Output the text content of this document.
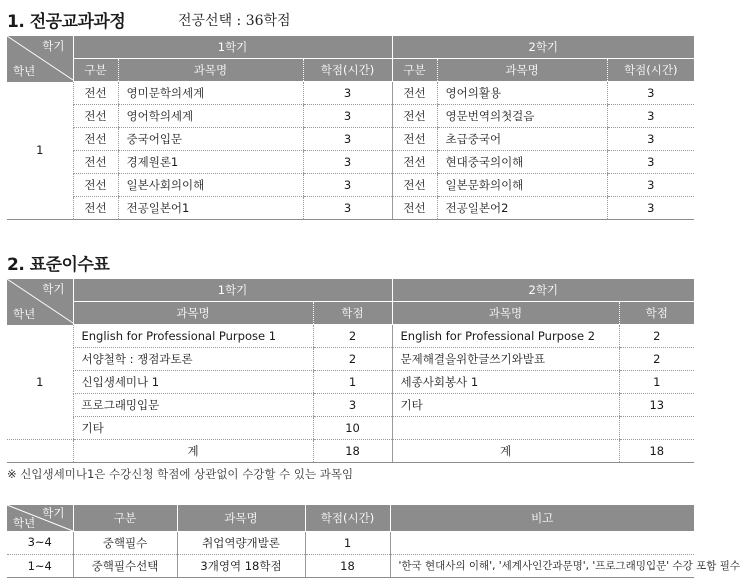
1. 전공교과과정	전공선택 : 36학점
학기
학년	1학기			2학기		
	구분	과목명	학점(시간)	구분	과목명	학점(시간)
1	전선	영미문학의세계	3	전선	영어의활용	3
	전선	영어학의세계	3	전선	영문번역의첫걸음	3
	전선	중국어입문	3	전선	초급중국어	3
	전선	경제원론1	3	전선	현대중국의이해	3
	전선	일본사회의이해	3	전선	일본문화의이해	3
	전선	전공일본어1	3	전선	전공일본어2	3
2. 표준이수표
학기
학년	1학기		2학기	
	과목명	학점	과목명	학점
1	English for Professional Purpose 1	2	English for Professional Purpose 2	2
	서양철학 : 쟁점과토론	2	문제해결을위한글쓰기와발표	2
	신입생세미나 1	1	세종사회봉사 1	1
	프로그래밍입문	3	기타	13
	기타	10		
	계	18	계	18
※ 신입생세미나1은 수강신청 학점에 상관없이 수강할 수 있는 과목임
학기
학년	구분	과목명	학점(시간)	비고
3~4	중핵필수	취업역량개발론	1	
1~4	중핵필수선택	3개영역 18학점	18	'한국 현대사의 이해', '세계사인간과문명', '프로그래밍입문' 수강 포함 필수
